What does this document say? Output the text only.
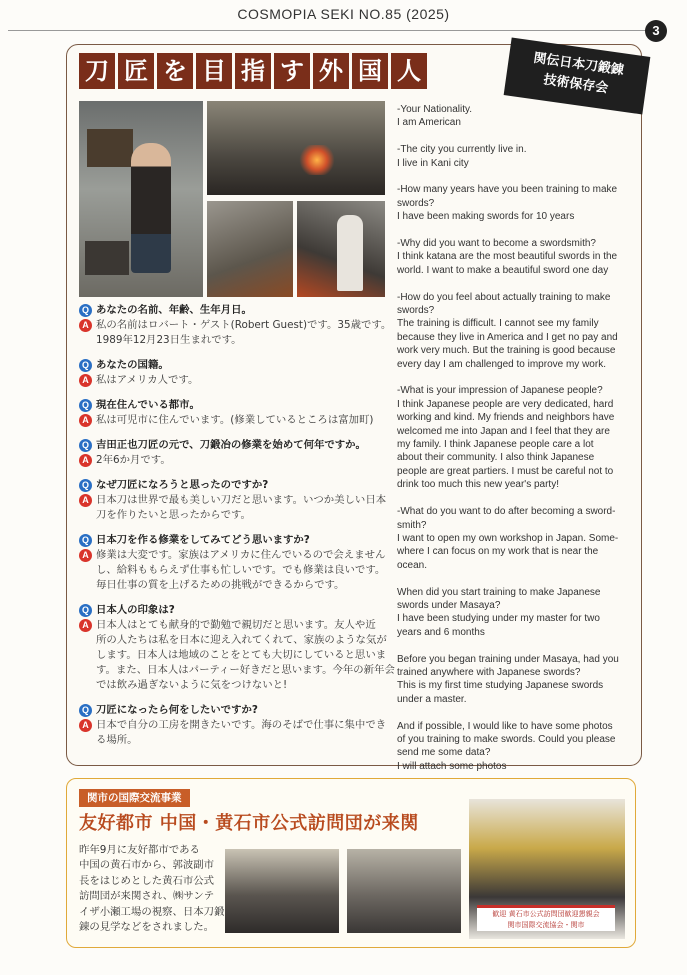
COSMOPIA SEKI NO.85 (2025)
3
刀 匠 を 目 指 す 外 国 人	関伝日本刀鍛錬
技術保存会
Q あなたの名前、年齢、生年月日。
A 私の名前はロバート・ゲスト(Robert Guest)です。35歳です。
1989年12月23日生まれです。
Q あなたの国籍。
A 私はアメリカ人です。
Q 現在住んでいる都市。
A 私は可児市に住んでいます。(修業しているところは富加町)
Q 吉田正也刀匠の元で、刀鍛冶の修業を始めて何年ですか。
A 2年6か月です。
Q なぜ刀匠になろうと思ったのですか?
A 日本刀は世界で最も美しい刀だと思います。いつか美しい日本
刀を作りたいと思ったからです。
Q 日本刀を作る修業をしてみてどう思いますか?
A 修業は大変です。家族はアメリカに住んでいるので会えません
し、給料ももらえず仕事も忙しいです。でも修業は良いです。
毎日仕事の質を上げるための挑戦ができるからです。
Q 日本人の印象は?
A 日本人はとても献身的で勤勉で親切だと思います。友人や近
所の人たちは私を日本に迎え入れてくれて、家族のような気が
します。日本人は地域のことをとても大切にしていると思いま
す。また、日本人はパーティー好きだと思います。今年の新年会
では飲み過ぎないように気をつけないと!
Q 刀匠になったら何をしたいですか?
A 日本で自分の工房を開きたいです。海のそばで仕事に集中でき
る場所。

-Your Nationality.

I am American

-The city you currently live in.

I live in Kani city

-How many years have you been training to make

swords?

I have been making swords for 10 years

-Why did you want to become a swordsmith?

I think katana are the most beautiful swords in the

world. I want to make a beautiful sword one day

-How do you feel about actually training to make

swords?

The training is difficult. I cannot see my family

because they live in America and I get no pay and

work very much. But the training is good because

every day I am challenged to improve my work.

-What is your impression of Japanese people?

I think Japanese people are very dedicated, hard

working and kind. My friends and neighbors have

welcomed me into Japan and I feel that they are

my family. I think Japanese people care a lot

about their community. I also think Japanese

people are great partiers. I must be careful not to

drink too much this new year's party!

-What do you want to do after becoming a sword-

smith?

I want to open my own workshop in Japan. Some-

where I can focus on my work that is near the

ocean.

When did you start training to make Japanese

swords under Masaya?

I have been studying under my master for two

years and 6 months

Before you began training under Masaya, had you

trained anywhere with Japanese swords?

This is my first time studying Japanese swords

under a master.

And if possible, I would like to have some photos

of you training to make swords. Could you please

send me some data?

I will attach some photos

関市の国際交流事業
友好都市 中国・黄石市公式訪問団が来関
昨年9月に友好都市である
中国の黄石市から、郭波副市
長をはじめとした黄石市公式
訪問団が来関され、㈱サンテ
イザ小瀬工場の視察、日本刀鍛
錬の見学などをされました。
歓迎 黄石市公式訪問団歓迎懇親会
関市国際交流協会・関市
